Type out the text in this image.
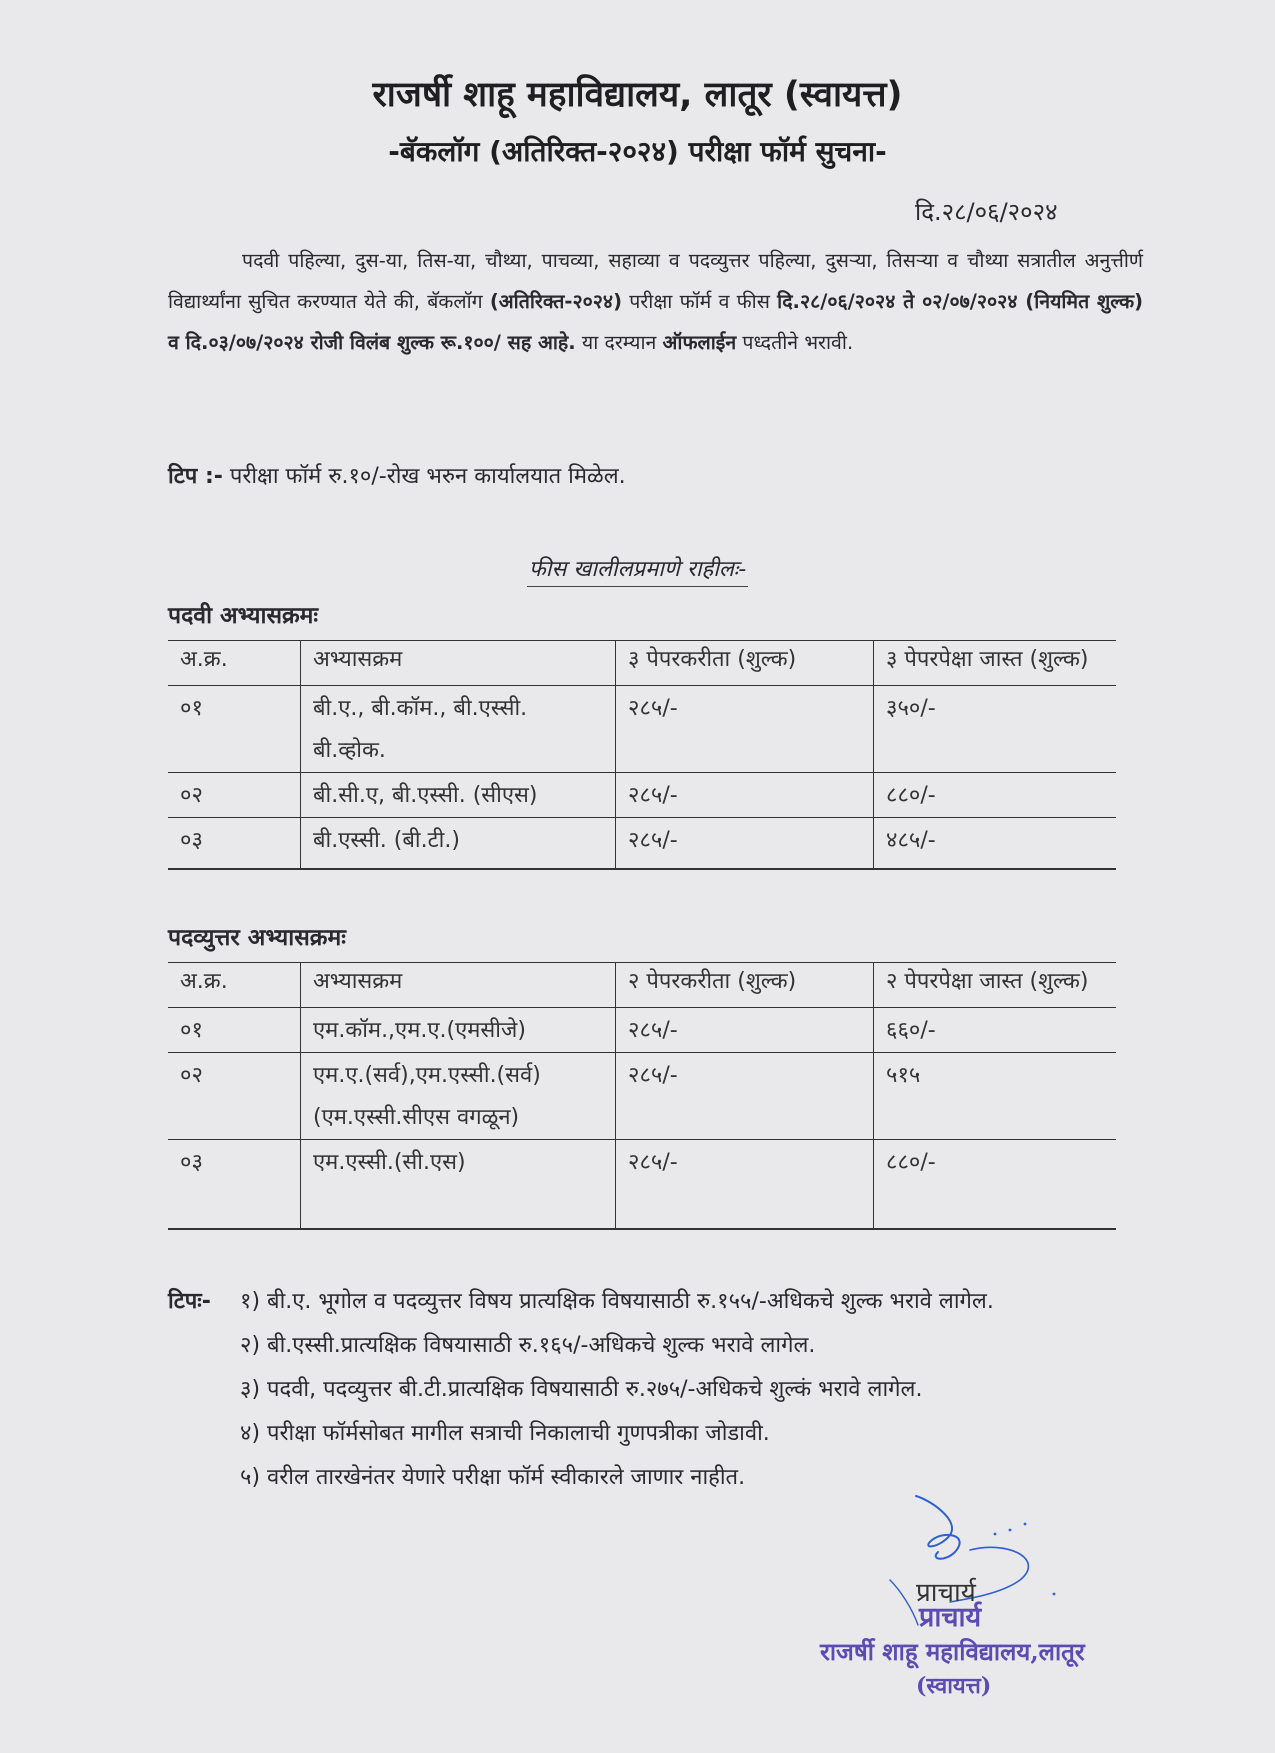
राजर्षी शाहू महाविद्यालय, लातूर (स्वायत्त)
-बॅकलॉग (अतिरिक्त-२०२४) परीक्षा फॉर्म सुचना-
दि.२८/०६/२०२४

पदवी पहिल्या, दुस-या, तिस-या, चौथ्या, पाचव्या, सहाव्या व पदव्युत्तर पहिल्या, दुसऱ्या, तिसऱ्या व चौथ्या सत्रातील अनुत्तीर्ण विद्यार्थ्यांना सुचित करण्यात येते की, बॅकलॉग (अतिरिक्त-२०२४) परीक्षा फॉर्म व फीस दि.२८/०६/२०२४ ते ०२/०७/२०२४ (नियमित शुल्क) व दि.०३/०७/२०२४ रोजी विलंब शुल्क रू.१००/ सह आहे. या दरम्यान ऑफलाईन पध्दतीने भरावी.

टिप :- परीक्षा फॉर्म रु.१०/-रोख भरुन कार्यालयात मिळेल.
फीस खालीलप्रमाणे राहीलः-
पदवी अभ्यासक्रमः
अ.क्र.	अभ्यासक्रम	३ पेपरकरीता (शुल्क)	३ पेपरपेक्षा जास्त (शुल्क)
०१	बी.ए., बी.कॉम., बी.एस्सी.
बी.व्होक.	२८५/-	३५०/-
०२	बी.सी.ए, बी.एस्सी. (सीएस)	२८५/-	८८०/-
०३	बी.एस्सी. (बी.टी.)	२८५/-	४८५/-
पदव्युत्तर अभ्यासक्रमः
अ.क्र.	अभ्यासक्रम	२ पेपरकरीता (शुल्क)	२ पेपरपेक्षा जास्त (शुल्क)
०१	एम.कॉम.,एम.ए.(एमसीजे)	२८५/-	६६०/-
०२	एम.ए.(सर्व),एम.एस्सी.(सर्व)
(एम.एस्सी.सीएस वगळून)	२८५/-	५१५
०३	एम.एस्सी.(सी.एस)	२८५/-	८८०/-
टिपः- १) बी.ए. भूगोल व पदव्युत्तर विषय प्रात्यक्षिक विषयासाठी रु.१५५/-अधिकचे शुल्क भरावे लागेल.
२) बी.एस्सी.प्रात्यक्षिक विषयासाठी रु.१६५/-अधिकचे शुल्क भरावे लागेल.
३) पदवी, पदव्युत्तर बी.टी.प्रात्यक्षिक विषयासाठी रु.२७५/-अधिकचे शुल्कं भरावे लागेल.
४) परीक्षा फॉर्मसोबत मागील सत्राची निकालाची गुणपत्रीका जोडावी.
५) वरील तारखेनंतर येणारे परीक्षा फॉर्म स्वीकारले जाणार नाहीत.
प्राचार्य
प्राचार्य
राजर्षी शाहू महाविद्यालय,लातूर
(स्वायत्त)
